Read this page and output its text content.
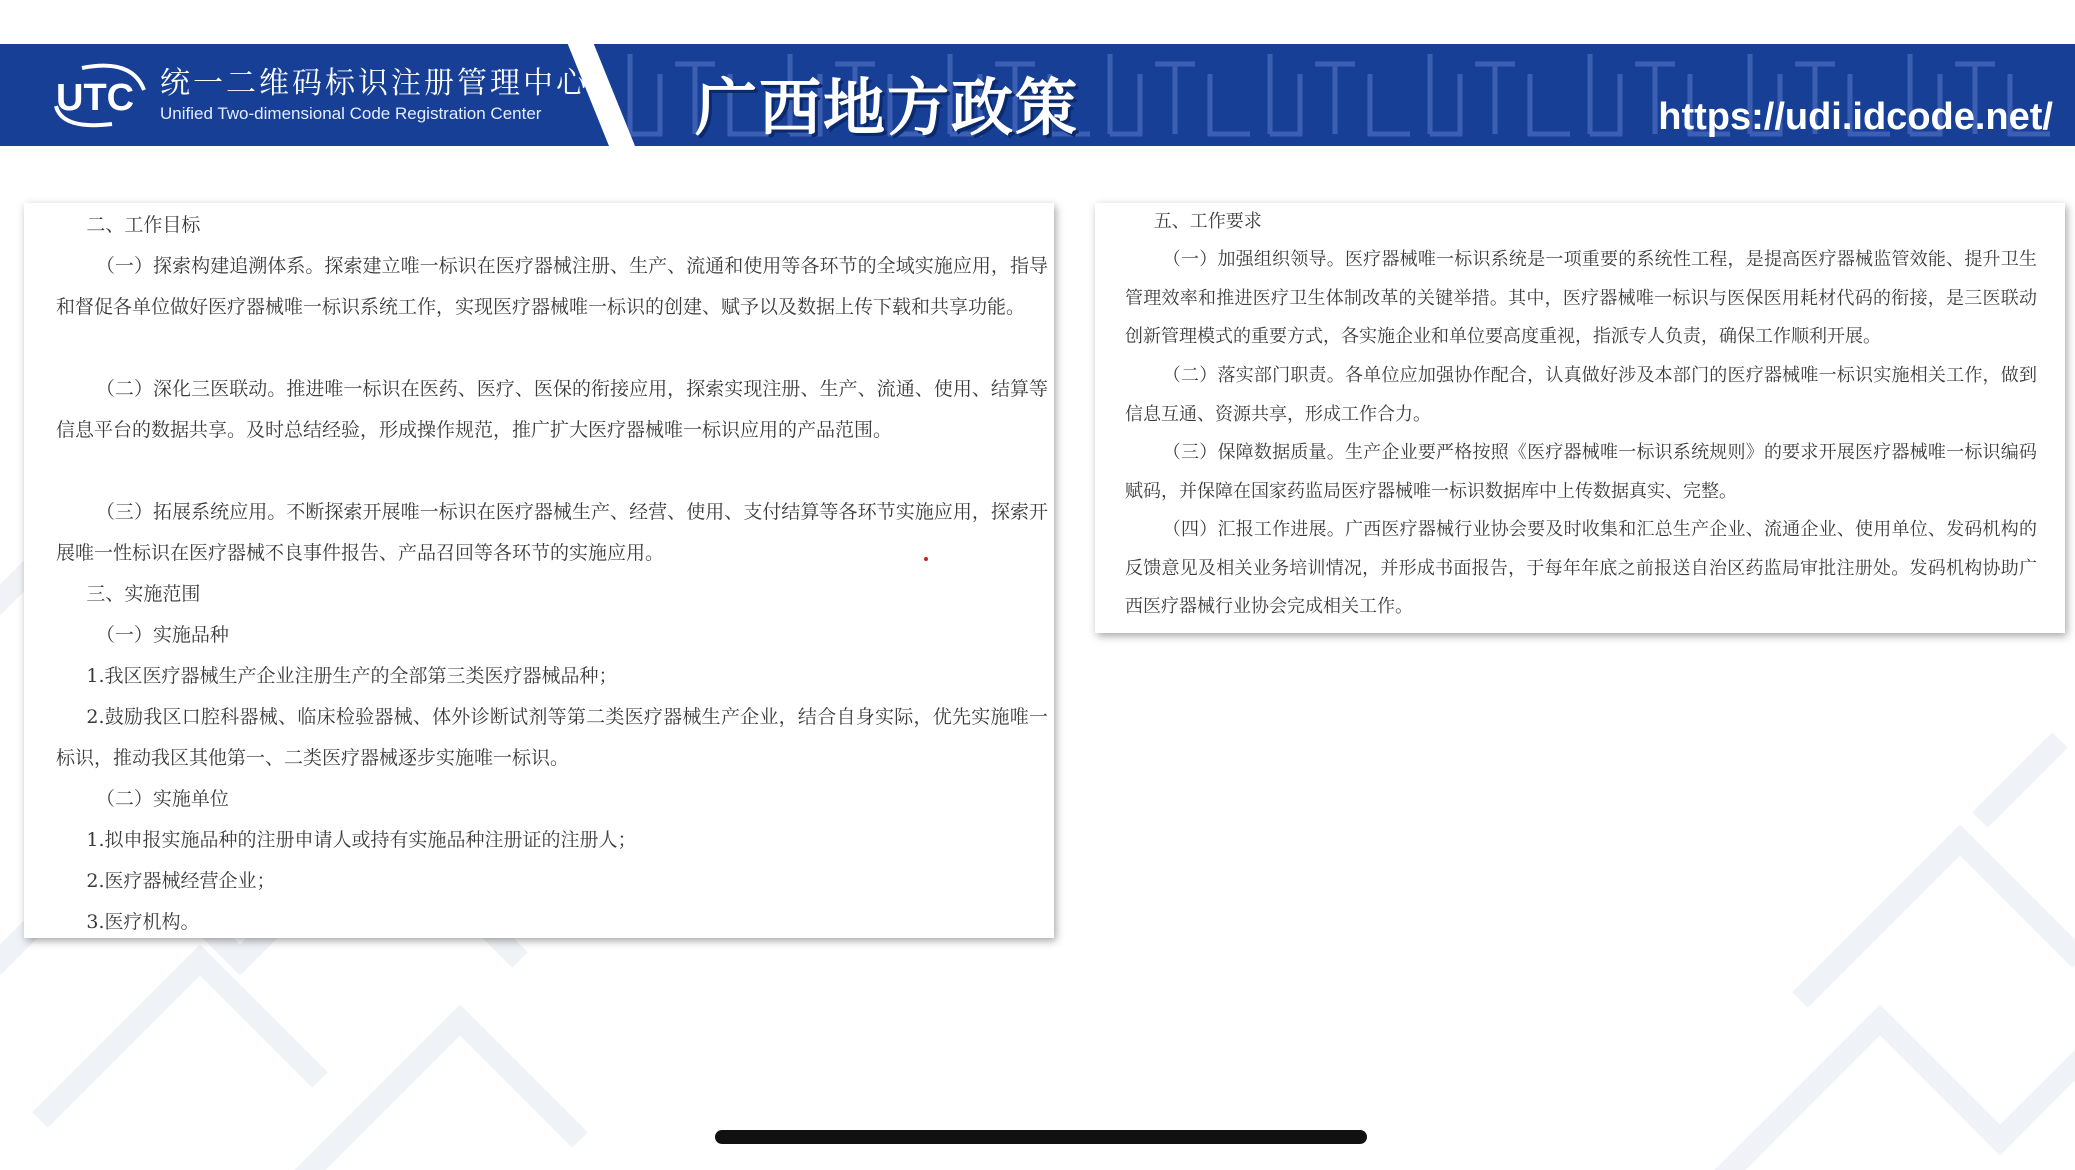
UTC 统一二维码标识注册管理中心
Unified Two-dimensional Code Registration Center 广西地方政策	https://udi.idcode.net/

二、工作目标

（一）探索构建追溯体系。探索建立唯一标识在医疗器械注册、生产、流通和使用等各环节的全域实施应用，指导和督促各单位做好医疗器械唯一标识系统工作，实现医疗器械唯一标识的创建、赋予以及数据上传下载和共享功能。

（二）深化三医联动。推进唯一标识在医药、医疗、医保的衔接应用，探索实现注册、生产、流通、使用、结算等信息平台的数据共享。及时总结经验，形成操作规范，推广扩大医疗器械唯一标识应用的产品范围。

（三）拓展系统应用。不断探索开展唯一标识在医疗器械生产、经营、使用、支付结算等各环节实施应用，探索开展唯一性标识在医疗器械不良事件报告、产品召回等各环节的实施应用。

三、实施范围

（一）实施品种

1.我区医疗器械生产企业注册生产的全部第三类医疗器械品种；

2.鼓励我区口腔科器械、临床检验器械、体外诊断试剂等第二类医疗器械生产企业，结合自身实际，优先实施唯一标识，推动我区其他第一、二类医疗器械逐步实施唯一标识。

（二）实施单位

1.拟申报实施品种的注册申请人或持有实施品种注册证的注册人；

2.医疗器械经营企业；

3.医疗机构。

五、工作要求

（一）加强组织领导。医疗器械唯一标识系统是一项重要的系统性工程，是提高医疗器械监管效能、提升卫生管理效率和推进医疗卫生体制改革的关键举措。其中，医疗器械唯一标识与医保医用耗材代码的衔接，是三医联动创新管理模式的重要方式，各实施企业和单位要高度重视，指派专人负责，确保工作顺利开展。

（二）落实部门职责。各单位应加强协作配合，认真做好涉及本部门的医疗器械唯一标识实施相关工作，做到信息互通、资源共享，形成工作合力。

（三）保障数据质量。生产企业要严格按照《医疗器械唯一标识系统规则》的要求开展医疗器械唯一标识编码赋码，并保障在国家药监局医疗器械唯一标识数据库中上传数据真实、完整。

（四）汇报工作进展。广西医疗器械行业协会要及时收集和汇总生产企业、流通企业、使用单位、发码机构的反馈意见及相关业务培训情况，并形成书面报告，于每年年底之前报送自治区药监局审批注册处。发码机构协助广西医疗器械行业协会完成相关工作。
